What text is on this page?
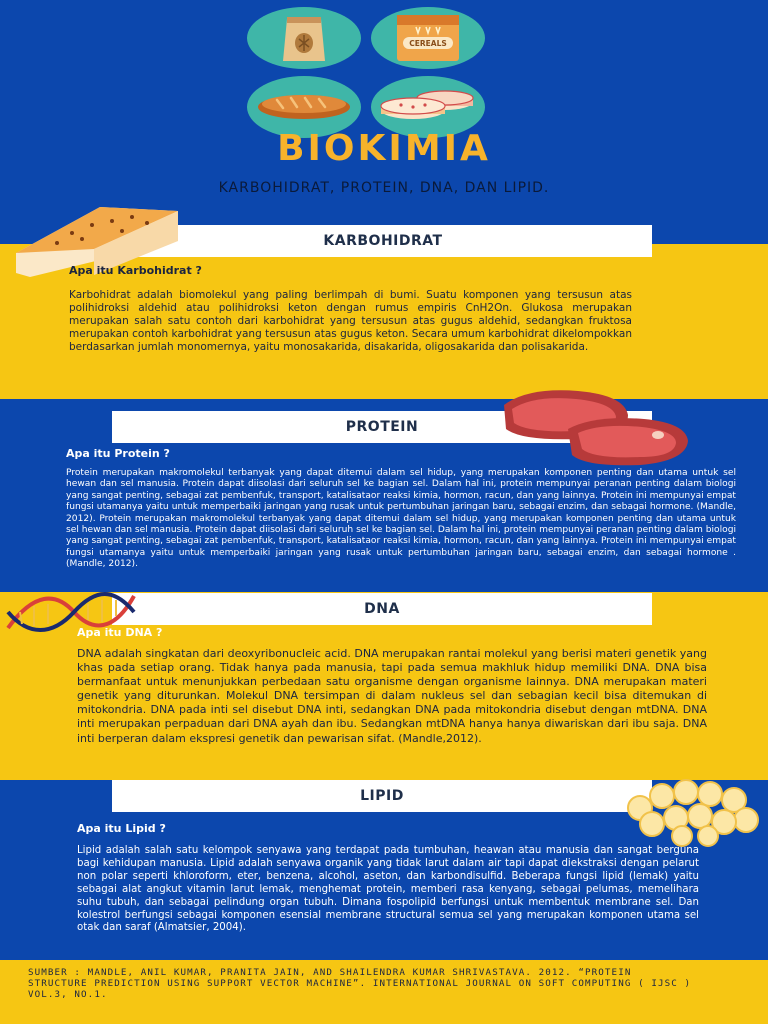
CEREALS
BIOKIMIA
KARBOHIDRAT, PROTEIN, DNA, DAN LIPID.
KARBOHIDRAT
Apa itu Karbohidrat ?

Karbohidrat adalah biomolekul yang paling berlimpah di bumi. Suatu komponen yang tersusun atas polihidroksi aldehid atau polihidroksi keton dengan rumus empiris CnH2On. Glukosa merupakan merupakan salah satu contoh dari karbohidrat yang tersusun atas gugus aldehid, sedangkan fruktosa merupakan contoh karbohidrat yang tersusun atas gugus keton. Secara umum karbohidrat dikelompokkan berdasarkan jumlah monomernya, yaitu monosakarida, disakarida, oligosakarida dan polisakarida.

PROTEIN
Apa itu Protein ?

Protein merupakan makromolekul terbanyak yang dapat ditemui dalam sel hidup, yang merupakan komponen penting dan utama untuk sel hewan dan sel manusia. Protein dapat diisolasi dari seluruh sel ke bagian sel. Dalam hal ini, protein mempunyai peranan penting dalam biologi yang sangat penting, sebagai zat pembenfuk, transport, katalisataor reaksi kimia, hormon, racun, dan yang lainnya. Protein ini mempunyai empat fungsi utamanya yaitu untuk memperbaiki jaringan yang rusak untuk pertumbuhan jaringan baru, sebagai enzim, dan sebagai hormone. (Mandle, 2012). Protein merupakan makromolekul terbanyak yang dapat ditemui dalam sel hidup, yang merupakan komponen penting dan utama untuk sel hewan dan sel manusia. Protein dapat diisolasi dari seluruh sel ke bagian sel. Dalam hal ini, protein mempunyai peranan penting dalam biologi yang sangat penting, sebagai zat pembenfuk, transport, katalisataor reaksi kimia, hormon, racun, dan yang lainnya. Protein ini mempunyai empat fungsi utamanya yaitu untuk memperbaiki jaringan yang rusak untuk pertumbuhan jaringan baru, sebagai enzim, dan sebagai hormone . (Mandle, 2012).

DNA
Apa itu DNA ?

DNA adalah singkatan dari deoxyribonucleic acid. DNA merupakan rantai molekul yang berisi materi genetik yang khas pada setiap orang. Tidak hanya pada manusia, tapi pada semua makhluk hidup memiliki DNA. DNA bisa bermanfaat untuk menunjukkan perbedaan satu organisme dengan organisme lainnya. DNA merupakan materi genetik yang diturunkan. Molekul DNA tersimpan di dalam nukleus sel dan sebagian kecil bisa ditemukan di mitokondria. DNA pada inti sel disebut DNA inti, sedangkan DNA pada mitokondria disebut dengan mtDNA. DNA inti merupakan perpaduan dari DNA ayah dan ibu. Sedangkan mtDNA hanya hanya diwariskan dari ibu saja. DNA inti berperan dalam ekspresi genetik dan pewarisan sifat. (Mandle,2012).

LIPID
Apa itu Lipid ?

Lipid adalah salah satu kelompok senyawa yang terdapat pada tumbuhan, heawan atau manusia dan sangat berguna bagi kehidupan manusia. Lipid adalah senyawa organik yang tidak larut dalam air tapi dapat diekstraksi dengan pelarut non polar seperti khloroform, eter, benzena, alcohol, aseton, dan karbondisulfid. Beberapa fungsi lipid (lemak) yaitu sebagai alat angkut vitamin larut lemak, menghemat protein, memberi rasa kenyang, sebagai pelumas, memelihara suhu tubuh, dan sebagai pelindung organ tubuh. Dimana fospolipid berfungsi untuk membentuk membrane sel. Dan kolestrol berfungsi sebagai komponen esensial membrane structural semua sel yang merupakan komponen utama sel otak dan saraf (Almatsier, 2004).

SUMBER : MANDLE, ANIL KUMAR, PRANITA JAIN, AND SHAILENDRA KUMAR SHRIVASTAVA. 2012. “PROTEIN STRUCTURE PREDICTION USING SUPPORT VECTOR MACHINE”. INTERNATIONAL JOURNAL ON SOFT COMPUTING ( IJSC ) VOL.3, NO.1.
